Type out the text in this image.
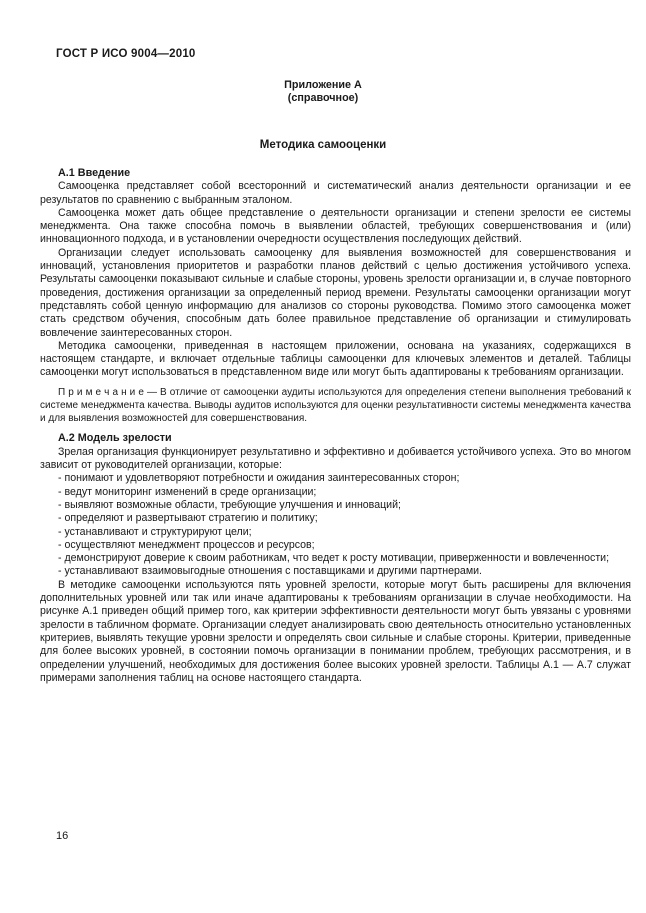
ГОСТ Р ИСО 9004—2010
Приложение А
(справочное)
Методика самооценки

А.1 Введение

Самооценка представляет собой всесторонний и систематический анализ деятельности организации и ее результатов по сравнению с выбранным эталоном.

Самооценка может дать общее представление о деятельности организации и степени зрелости ее системы менеджмента. Она также способна помочь в выявлении областей, требующих совершенствования и (или) инновационного подхода, и в установлении очередности осуществления последующих действий.

Организации следует использовать самооценку для выявления возможностей для совершенствования и инноваций, установления приоритетов и разработки планов действий с целью достижения устойчивого успеха. Результаты самооценки показывают сильные и слабые стороны, уровень зрелости организации и, в случае повторного проведения, достижения организации за определенный период времени. Результаты самооценки организации могут представлять собой ценную информацию для анализов со стороны руководства. Помимо этого самооценка может стать средством обучения, способным дать более правильное представление об организации и стимулировать вовлечение заинтересованных сторон.

Методика самооценки, приведенная в настоящем приложении, основана на указаниях, содержащихся в настоящем стандарте, и включает отдельные таблицы самооценки для ключевых элементов и деталей. Таблицы самооценки могут использоваться в представленном виде или могут быть адаптированы к требованиям организации.

П р и м е ч а н и е — В отличие от самооценки аудиты используются для определения степени выполнения требований к системе менеджмента качества. Выводы аудитов используются для оценки результативности системы менеджмента качества и для выявления возможностей для совершенствования.

А.2 Модель зрелости

Зрелая организация функционирует результативно и эффективно и добивается устойчивого успеха. Это во многом зависит от руководителей организации, которые:

- понимают и удовлетворяют потребности и ожидания заинтересованных сторон;

- ведут мониторинг изменений в среде организации;

- выявляют возможные области, требующие улучшения и инноваций;

- определяют и развертывают стратегию и политику;

- устанавливают и структурируют цели;

- осуществляют менеджмент процессов и ресурсов;

- демонстрируют доверие к своим работникам, что ведет к росту мотивации, приверженности и вовлеченности;

- устанавливают взаимовыгодные отношения с поставщиками и другими партнерами.

В методике самооценки используются пять уровней зрелости, которые могут быть расширены для включения дополнительных уровней или так или иначе адаптированы к требованиям организации в случае необходимости. На рисунке А.1 приведен общий пример того, как критерии эффективности деятельности могут быть увязаны с уровнями зрелости в табличном формате. Организации следует анализировать свою деятельность относительно установленных критериев, выявлять текущие уровни зрелости и определять свои сильные и слабые стороны. Критерии, приведенные для более высоких уровней, в состоянии помочь организации в понимании проблем, требующих рассмотрения, и в определении улучшений, необходимых для достижения более высоких уровней зрелости. Таблицы А.1 — А.7 служат примерами заполнения таблиц на основе настоящего стандарта.

16
